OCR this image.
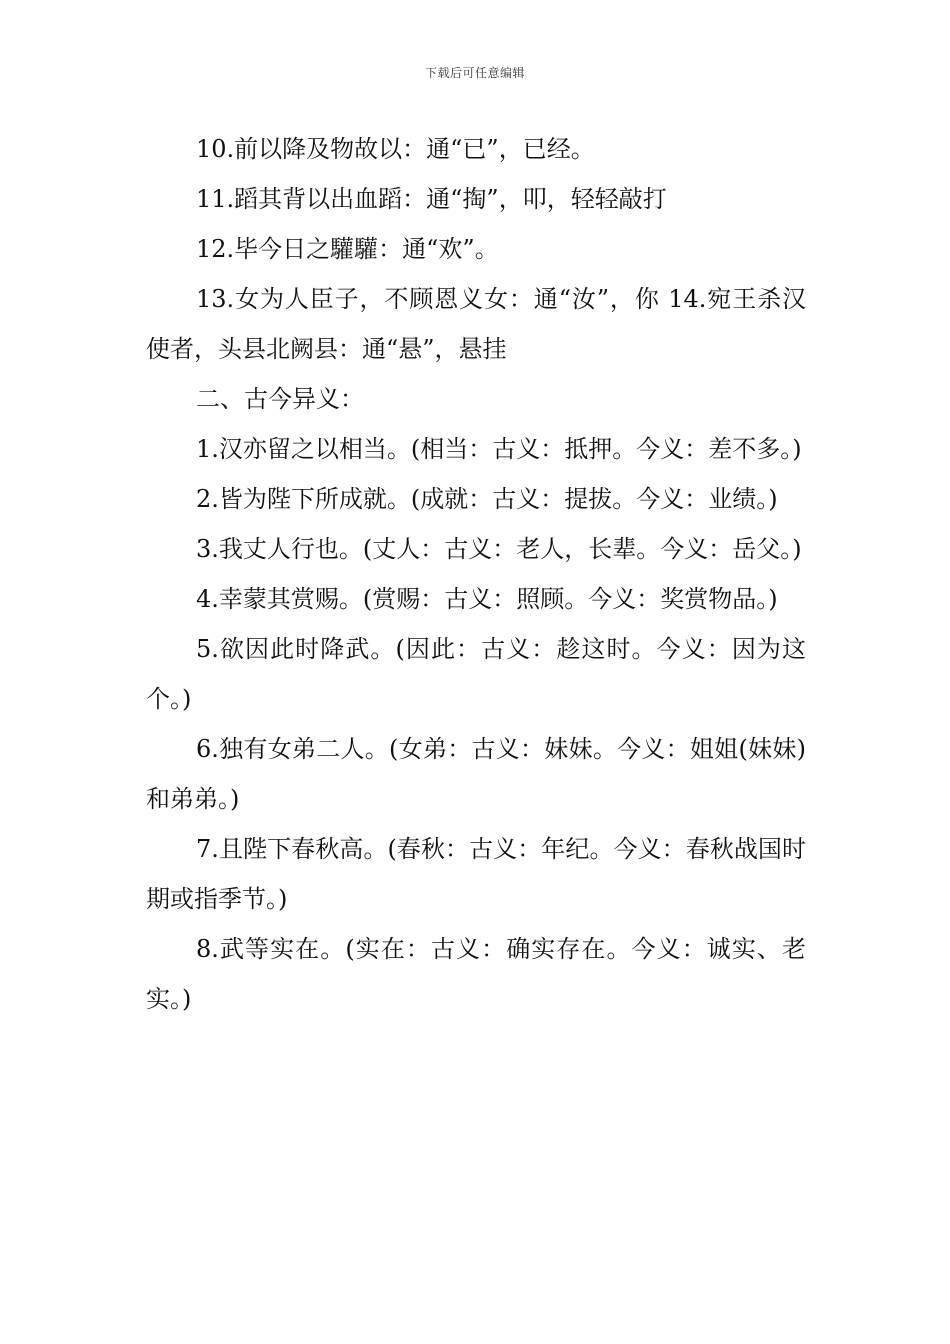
下载后可任意编辑

10.前以降及物故以：通“已”，已经。

11.蹈其背以出血蹈：通“掏”，叩，轻轻敲打

12.毕今日之驩驩：通“欢”。

13.女为人臣子，不顾恩义女：通“汝”，你 14.宛王杀汉使者，头县北阙县：通“悬”，悬挂

二、古今异义：

1.汉亦留之以相当。(相当：古义：抵押。今义：差不多。)

2.皆为陛下所成就。(成就：古义：提拔。今义：业绩。)

3.我丈人行也。(丈人：古义：老人，长辈。今义：岳父。)

4.幸蒙其赏赐。(赏赐：古义：照顾。今义：奖赏物品。)

5.欲因此时降武。(因此：古义：趁这时。今义：因为这个。)

6.独有女弟二人。(女弟：古义：妹妹。今义：姐姐(妹妹)和弟弟。)

7.且陛下春秋高。(春秋：古义：年纪。今义：春秋战国时期或指季节。)

8.武等实在。(实在：古义：确实存在。今义：诚实、老实。)
